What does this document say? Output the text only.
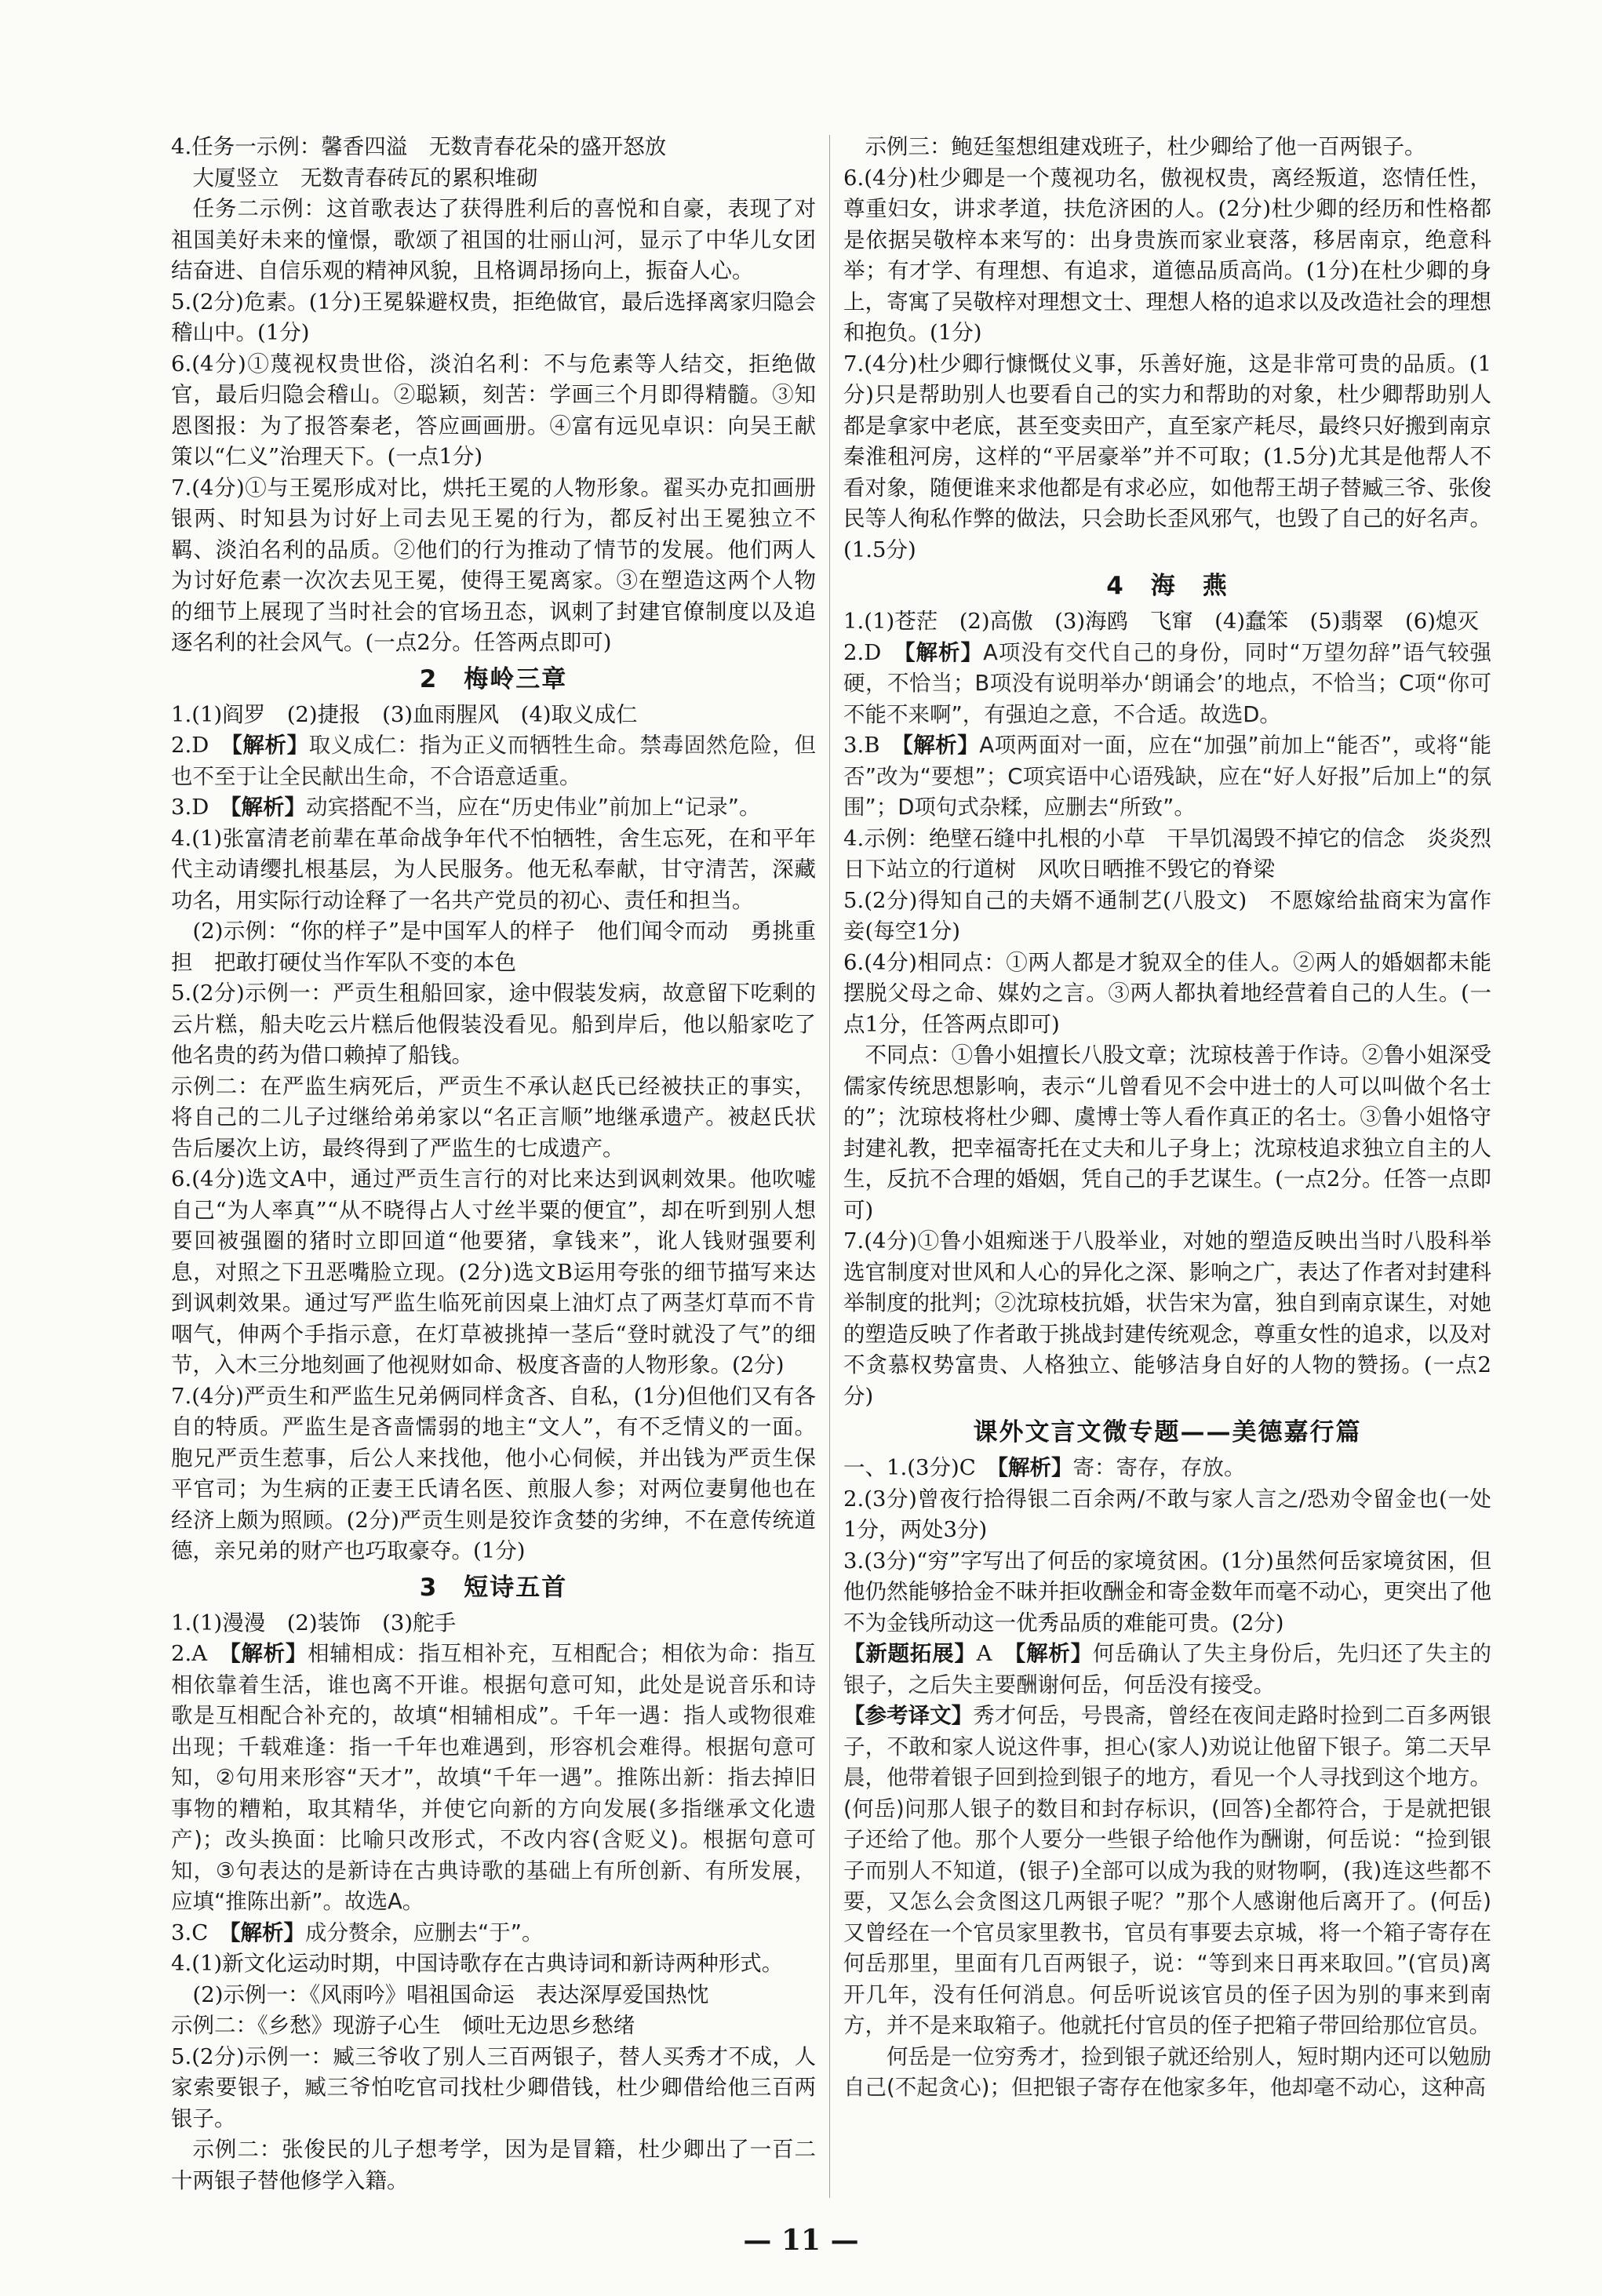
4.任务一示例：馨香四溢　无数青春花朵的盛开怒放

大厦竖立　无数青春砖瓦的累积堆砌

任务二示例：这首歌表达了获得胜利后的喜悦和自豪，表现了对祖国美好未来的憧憬，歌颂了祖国的壮丽山河，显示了中华儿女团结奋进、自信乐观的精神风貌，且格调昂扬向上，振奋人心。

5.(2分)危素。(1分)王冕躲避权贵，拒绝做官，最后选择离家归隐会稽山中。(1分)

6.(4分)①蔑视权贵世俗，淡泊名利：不与危素等人结交，拒绝做官，最后归隐会稽山。②聪颖，刻苦：学画三个月即得精髓。③知恩图报：为了报答秦老，答应画画册。④富有远见卓识：向吴王献策以“仁义”治理天下。(一点1分)

7.(4分)①与王冕形成对比，烘托王冕的人物形象。翟买办克扣画册银两、时知县为讨好上司去见王冕的行为，都反衬出王冕独立不羁、淡泊名利的品质。②他们的行为推动了情节的发展。他们两人为讨好危素一次次去见王冕，使得王冕离家。③在塑造这两个人物的细节上展现了当时社会的官场丑态，讽刺了封建官僚制度以及追逐名利的社会风气。(一点2分。任答两点即可)

2　梅岭三章

1.(1)阎罗　(2)捷报　(3)血雨腥风　(4)取义成仁

2.D　【解析】取义成仁：指为正义而牺牲生命。禁毒固然危险，但也不至于让全民献出生命，不合语意适重。

3.D　【解析】动宾搭配不当，应在“历史伟业”前加上“记录”。

4.(1)张富清老前辈在革命战争年代不怕牺牲，舍生忘死，在和平年代主动请缨扎根基层，为人民服务。他无私奉献，甘守清苦，深藏功名，用实际行动诠释了一名共产党员的初心、责任和担当。

(2)示例：“你的样子”是中国军人的样子　他们闻令而动　勇挑重担　把敢打硬仗当作军队不变的本色

5.(2分)示例一：严贡生租船回家，途中假装发病，故意留下吃剩的云片糕，船夫吃云片糕后他假装没看见。船到岸后，他以船家吃了他名贵的药为借口赖掉了船钱。

示例二：在严监生病死后，严贡生不承认赵氏已经被扶正的事实，将自己的二儿子过继给弟弟家以“名正言顺”地继承遗产。被赵氏状告后屡次上访，最终得到了严监生的七成遗产。

6.(4分)选文A中，通过严贡生言行的对比来达到讽刺效果。他吹嘘自己“为人率真”“从不晓得占人寸丝半粟的便宜”，却在听到别人想要回被强圈的猪时立即回道“他要猪，拿钱来”，讹人钱财强要利息，对照之下丑恶嘴脸立现。(2分)选文B运用夸张的细节描写来达到讽刺效果。通过写严监生临死前因桌上油灯点了两茎灯草而不肯咽气，伸两个手指示意，在灯草被挑掉一茎后“登时就没了气”的细节，入木三分地刻画了他视财如命、极度吝啬的人物形象。(2分)

7.(4分)严贡生和严监生兄弟俩同样贪吝、自私，(1分)但他们又有各自的特质。严监生是吝啬懦弱的地主“文人”，有不乏情义的一面。胞兄严贡生惹事，后公人来找他，他小心伺候，并出钱为严贡生保平官司；为生病的正妻王氏请名医、煎服人参；对两位妻舅他也在经济上颇为照顾。(2分)严贡生则是狡诈贪婪的劣绅，不在意传统道德，亲兄弟的财产也巧取豪夺。(1分)

3　短诗五首

1.(1)漫漫　(2)装饰　(3)舵手

2.A　【解析】相辅相成：指互相补充，互相配合；相依为命：指互相依靠着生活，谁也离不开谁。根据句意可知，此处是说音乐和诗歌是互相配合补充的，故填“相辅相成”。千年一遇：指人或物很难出现；千载难逢：指一千年也难遇到，形容机会难得。根据句意可知，②句用来形容“天才”，故填“千年一遇”。推陈出新：指去掉旧事物的糟粕，取其精华，并使它向新的方向发展(多指继承文化遗产)；改头换面：比喻只改形式，不改内容(含贬义)。根据句意可知，③句表达的是新诗在古典诗歌的基础上有所创新、有所发展，应填“推陈出新”。故选A。

3.C　【解析】成分赘余，应删去“于”。

4.(1)新文化运动时期，中国诗歌存在古典诗词和新诗两种形式。

(2)示例一：《风雨吟》唱祖国命运　表达深厚爱国热忱

示例二：《乡愁》现游子心生　倾吐无边思乡愁绪

5.(2分)示例一：臧三爷收了别人三百两银子，替人买秀才不成，人家索要银子，臧三爷怕吃官司找杜少卿借钱，杜少卿借给他三百两银子。

示例二：张俊民的儿子想考学，因为是冒籍，杜少卿出了一百二十两银子替他修学入籍。

示例三：鲍廷玺想组建戏班子，杜少卿给了他一百两银子。

6.(4分)杜少卿是一个蔑视功名，傲视权贵，离经叛道，恣情任性，尊重妇女，讲求孝道，扶危济困的人。(2分)杜少卿的经历和性格都是依据吴敬梓本来写的：出身贵族而家业衰落，移居南京，绝意科举；有才学、有理想、有追求，道德品质高尚。(1分)在杜少卿的身上，寄寓了吴敬梓对理想文士、理想人格的追求以及改造社会的理想和抱负。(1分)

7.(4分)杜少卿行慷慨仗义事，乐善好施，这是非常可贵的品质。(1分)只是帮助别人也要看自己的实力和帮助的对象，杜少卿帮助别人都是拿家中老底，甚至变卖田产，直至家产耗尽，最终只好搬到南京秦淮租河房，这样的“平居豪举”并不可取；(1.5分)尤其是他帮人不看对象，随便谁来求他都是有求必应，如他帮王胡子替臧三爷、张俊民等人徇私作弊的做法，只会助长歪风邪气，也毁了自己的好名声。(1.5分)

4　海　燕

1.(1)苍茫　(2)高傲　(3)海鸥　飞窜　(4)蠢笨　(5)翡翠　(6)熄灭

2.D　【解析】A项没有交代自己的身份，同时“万望勿辞”语气较强硬，不恰当；B项没有说明举办‘朗诵会’的地点，不恰当；C项“你可不能不来啊”，有强迫之意，不合适。故选D。

3.B　【解析】A项两面对一面，应在“加强”前加上“能否”，或将“能否”改为“要想”；C项宾语中心语残缺，应在“好人好报”后加上“的氛围”；D项句式杂糅，应删去“所致”。

4.示例：绝壁石缝中扎根的小草　干旱饥渴毁不掉它的信念　炎炎烈日下站立的行道树　风吹日晒推不毁它的脊梁

5.(2分)得知自己的夫婿不通制艺(八股文)　不愿嫁给盐商宋为富作妾(每空1分)

6.(4分)相同点：①两人都是才貌双全的佳人。②两人的婚姻都未能摆脱父母之命、媒妁之言。③两人都执着地经营着自己的人生。(一点1分，任答两点即可)

不同点：①鲁小姐擅长八股文章；沈琼枝善于作诗。②鲁小姐深受儒家传统思想影响，表示“儿曾看见不会中进士的人可以叫做个名士的”；沈琼枝将杜少卿、虞博士等人看作真正的名士。③鲁小姐恪守封建礼教，把幸福寄托在丈夫和儿子身上；沈琼枝追求独立自主的人生，反抗不合理的婚姻，凭自己的手艺谋生。(一点2分。任答一点即可)

7.(4分)①鲁小姐痴迷于八股举业，对她的塑造反映出当时八股科举选官制度对世风和人心的异化之深、影响之广，表达了作者对封建科举制度的批判；②沈琼枝抗婚，状告宋为富，独自到南京谋生，对她的塑造反映了作者敢于挑战封建传统观念，尊重女性的追求，以及对不贪慕权势富贵、人格独立、能够洁身自好的人物的赞扬。(一点2分)

课外文言文微专题——美德嘉行篇

一、1.(3分)C　【解析】寄：寄存，存放。

2.(3分)曾夜行拾得银二百余两/不敢与家人言之/恐劝令留金也(一处1分，两处3分)

3.(3分)“穷”字写出了何岳的家境贫困。(1分)虽然何岳家境贫困，但他仍然能够拾金不昧并拒收酬金和寄金数年而毫不动心，更突出了他不为金钱所动这一优秀品质的难能可贵。(2分)

【新题拓展】A　【解析】何岳确认了失主身份后，先归还了失主的银子，之后失主要酬谢何岳，何岳没有接受。

【参考译文】秀才何岳，号畏斋，曾经在夜间走路时捡到二百多两银子，不敢和家人说这件事，担心(家人)劝说让他留下银子。第二天早晨，他带着银子回到捡到银子的地方，看见一个人寻找到这个地方。(何岳)问那人银子的数目和封存标识，(回答)全都符合，于是就把银子还给了他。那个人要分一些银子给他作为酬谢，何岳说：“捡到银子而别人不知道，(银子)全部可以成为我的财物啊，(我)连这些都不要，又怎么会贪图这几两银子呢？”那个人感谢他后离开了。(何岳)又曾经在一个官员家里教书，官员有事要去京城，将一个箱子寄存在何岳那里，里面有几百两银子，说：“等到来日再来取回。”(官员)离开几年，没有任何消息。何岳听说该官员的侄子因为别的事来到南方，并不是来取箱子。他就托付官员的侄子把箱子带回给那位官员。

何岳是一位穷秀才，捡到银子就还给别人，短时期内还可以勉励自己(不起贪心)；但把银子寄存在他家多年，他却毫不动心，这种高

— 11 —
